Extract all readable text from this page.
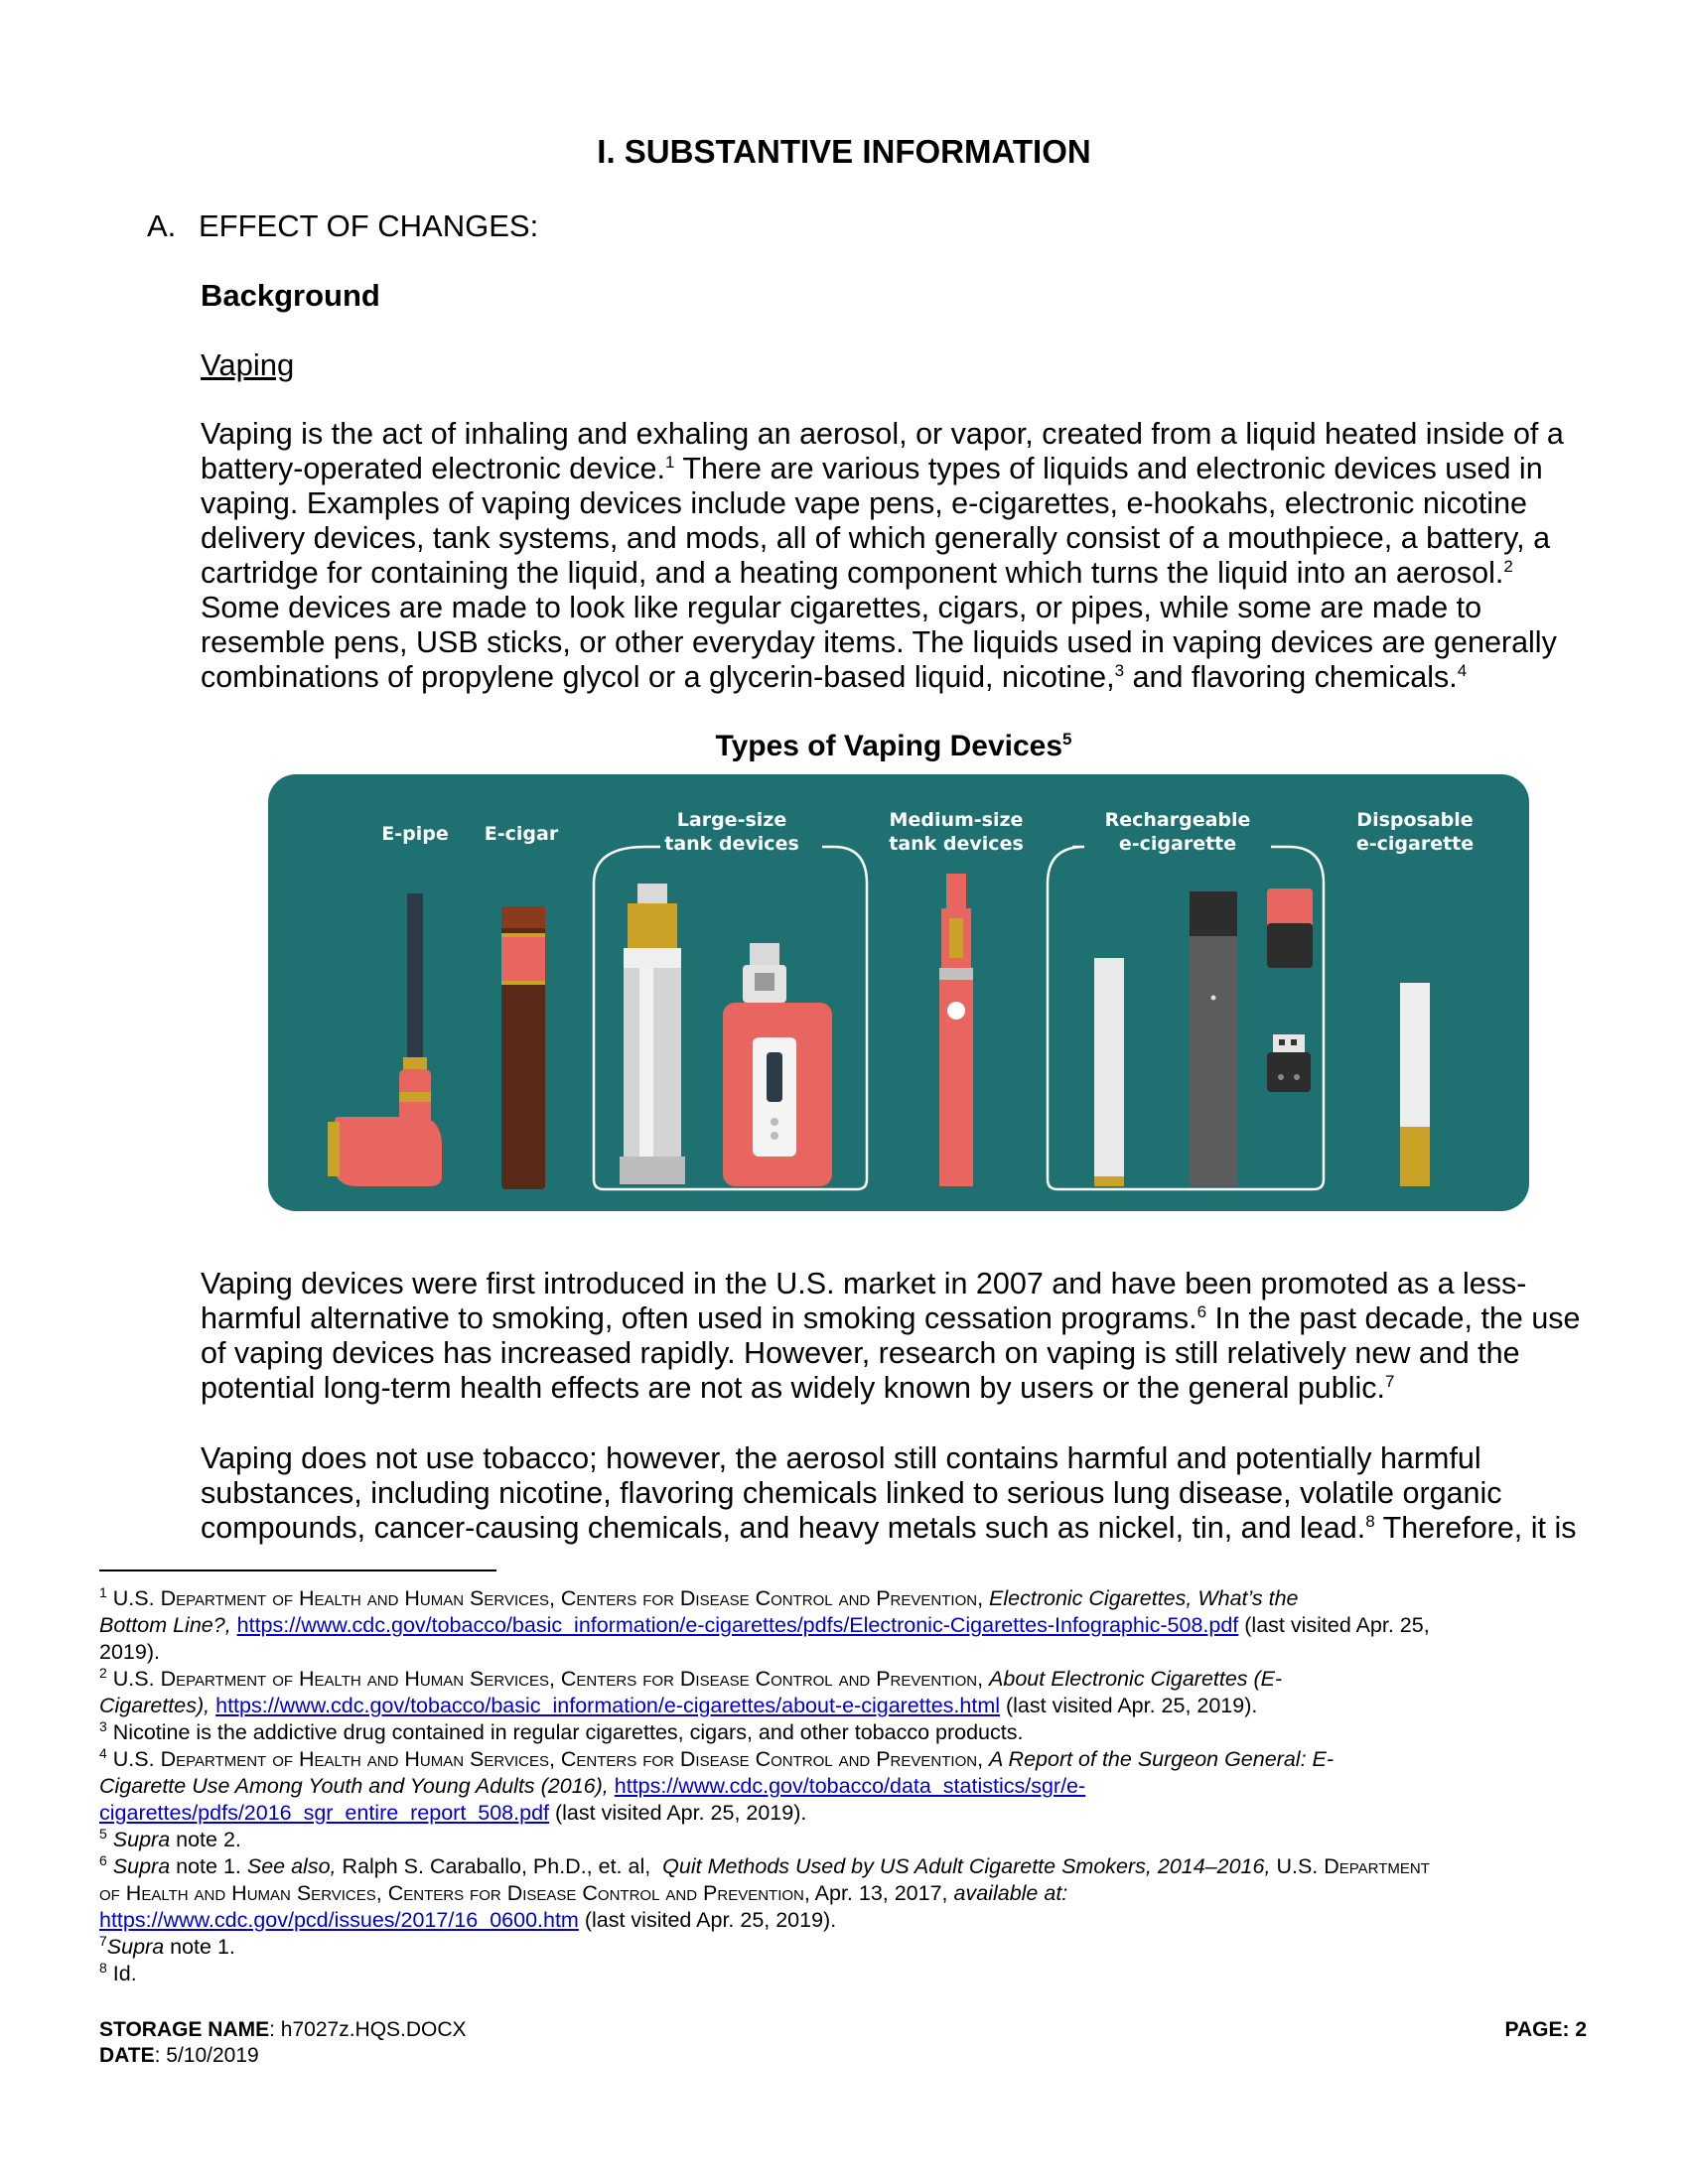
I. SUBSTANTIVE INFORMATION
A. EFFECT OF CHANGES:
Background
Vaping

Vaping is the act of inhaling and exhaling an aerosol, or vapor, created from a liquid heated inside of a

battery-operated electronic device.$^1$ There are various types of liquids and electronic devices used in

vaping. Examples of vaping devices include vape pens, e-cigarettes, e-hookahs, electronic nicotine

delivery devices, tank systems, and mods, all of which generally consist of a mouthpiece, a battery, a

cartridge for containing the liquid, and a heating component which turns the liquid into an aerosol.$^2$

Some devices are made to look like regular cigarettes, cigars, or pipes, while some are made to

resemble pens, USB sticks, or other everyday items. The liquids used in vaping devices are generally

combinations of propylene glycol or a glycerin-based liquid, nicotine,$^3$ and flavoring chemicals.$^4$

Types of Vaping Devices$^5$
E-pipe E-cigar
Large-size
tank devices
Medium-size
tank devices
Rechargeable
e-cigarette
Disposable
e-cigarette

Vaping devices were first introduced in the U.S. market in 2007 and have been promoted as a less-

harmful alternative to smoking, often used in smoking cessation programs.$^6$ In the past decade, the use

of vaping devices has increased rapidly. However, research on vaping is still relatively new and the

potential long-term health effects are not as widely known by users or the general public.$^7$

Vaping does not use tobacco; however, the aerosol still contains harmful and potentially harmful

substances, including nicotine, flavoring chemicals linked to serious lung disease, volatile organic

compounds, cancer-causing chemicals, and heavy metals such as nickel, tin, and lead.$^8$ Therefore, it is

$^1$ U.S. Department of Health and Human Services, Centers for Disease Control and Prevention, Electronic Cigarettes, What’s the

Bottom Line?, https://www.cdc.gov/tobacco/basic_information/e-cigarettes/pdfs/Electronic-Cigarettes-Infographic-508.pdf (last visited Apr. 25,

2019).

$^2$ U.S. Department of Health and Human Services, Centers for Disease Control and Prevention, About Electronic Cigarettes (E-

Cigarettes), https://www.cdc.gov/tobacco/basic_information/e-cigarettes/about-e-cigarettes.html (last visited Apr. 25, 2019).

$^3$ Nicotine is the addictive drug contained in regular cigarettes, cigars, and other tobacco products.

$^4$ U.S. Department of Health and Human Services, Centers for Disease Control and Prevention, A Report of the Surgeon General: E-

Cigarette Use Among Youth and Young Adults (2016), https://www.cdc.gov/tobacco/data_statistics/sgr/e-

cigarettes/pdfs/2016_sgr_entire_report_508.pdf (last visited Apr. 25, 2019).

$^5$ Supra note 2.

$^6$ Supra note 1. See also, Ralph S. Caraballo, Ph.D., et. al, Quit Methods Used by US Adult Cigarette Smokers, 2014–2016, U.S. Department

of Health and Human Services, Centers for Disease Control and Prevention, Apr. 13, 2017, available at:

https://www.cdc.gov/pcd/issues/2017/16_0600.htm (last visited Apr. 25, 2019).

$^7$Supra note 1.

$^8$ Id.

STORAGE NAME: h7027z.HQS.DOCX
DATE: 5/10/2019
PAGE: 2
